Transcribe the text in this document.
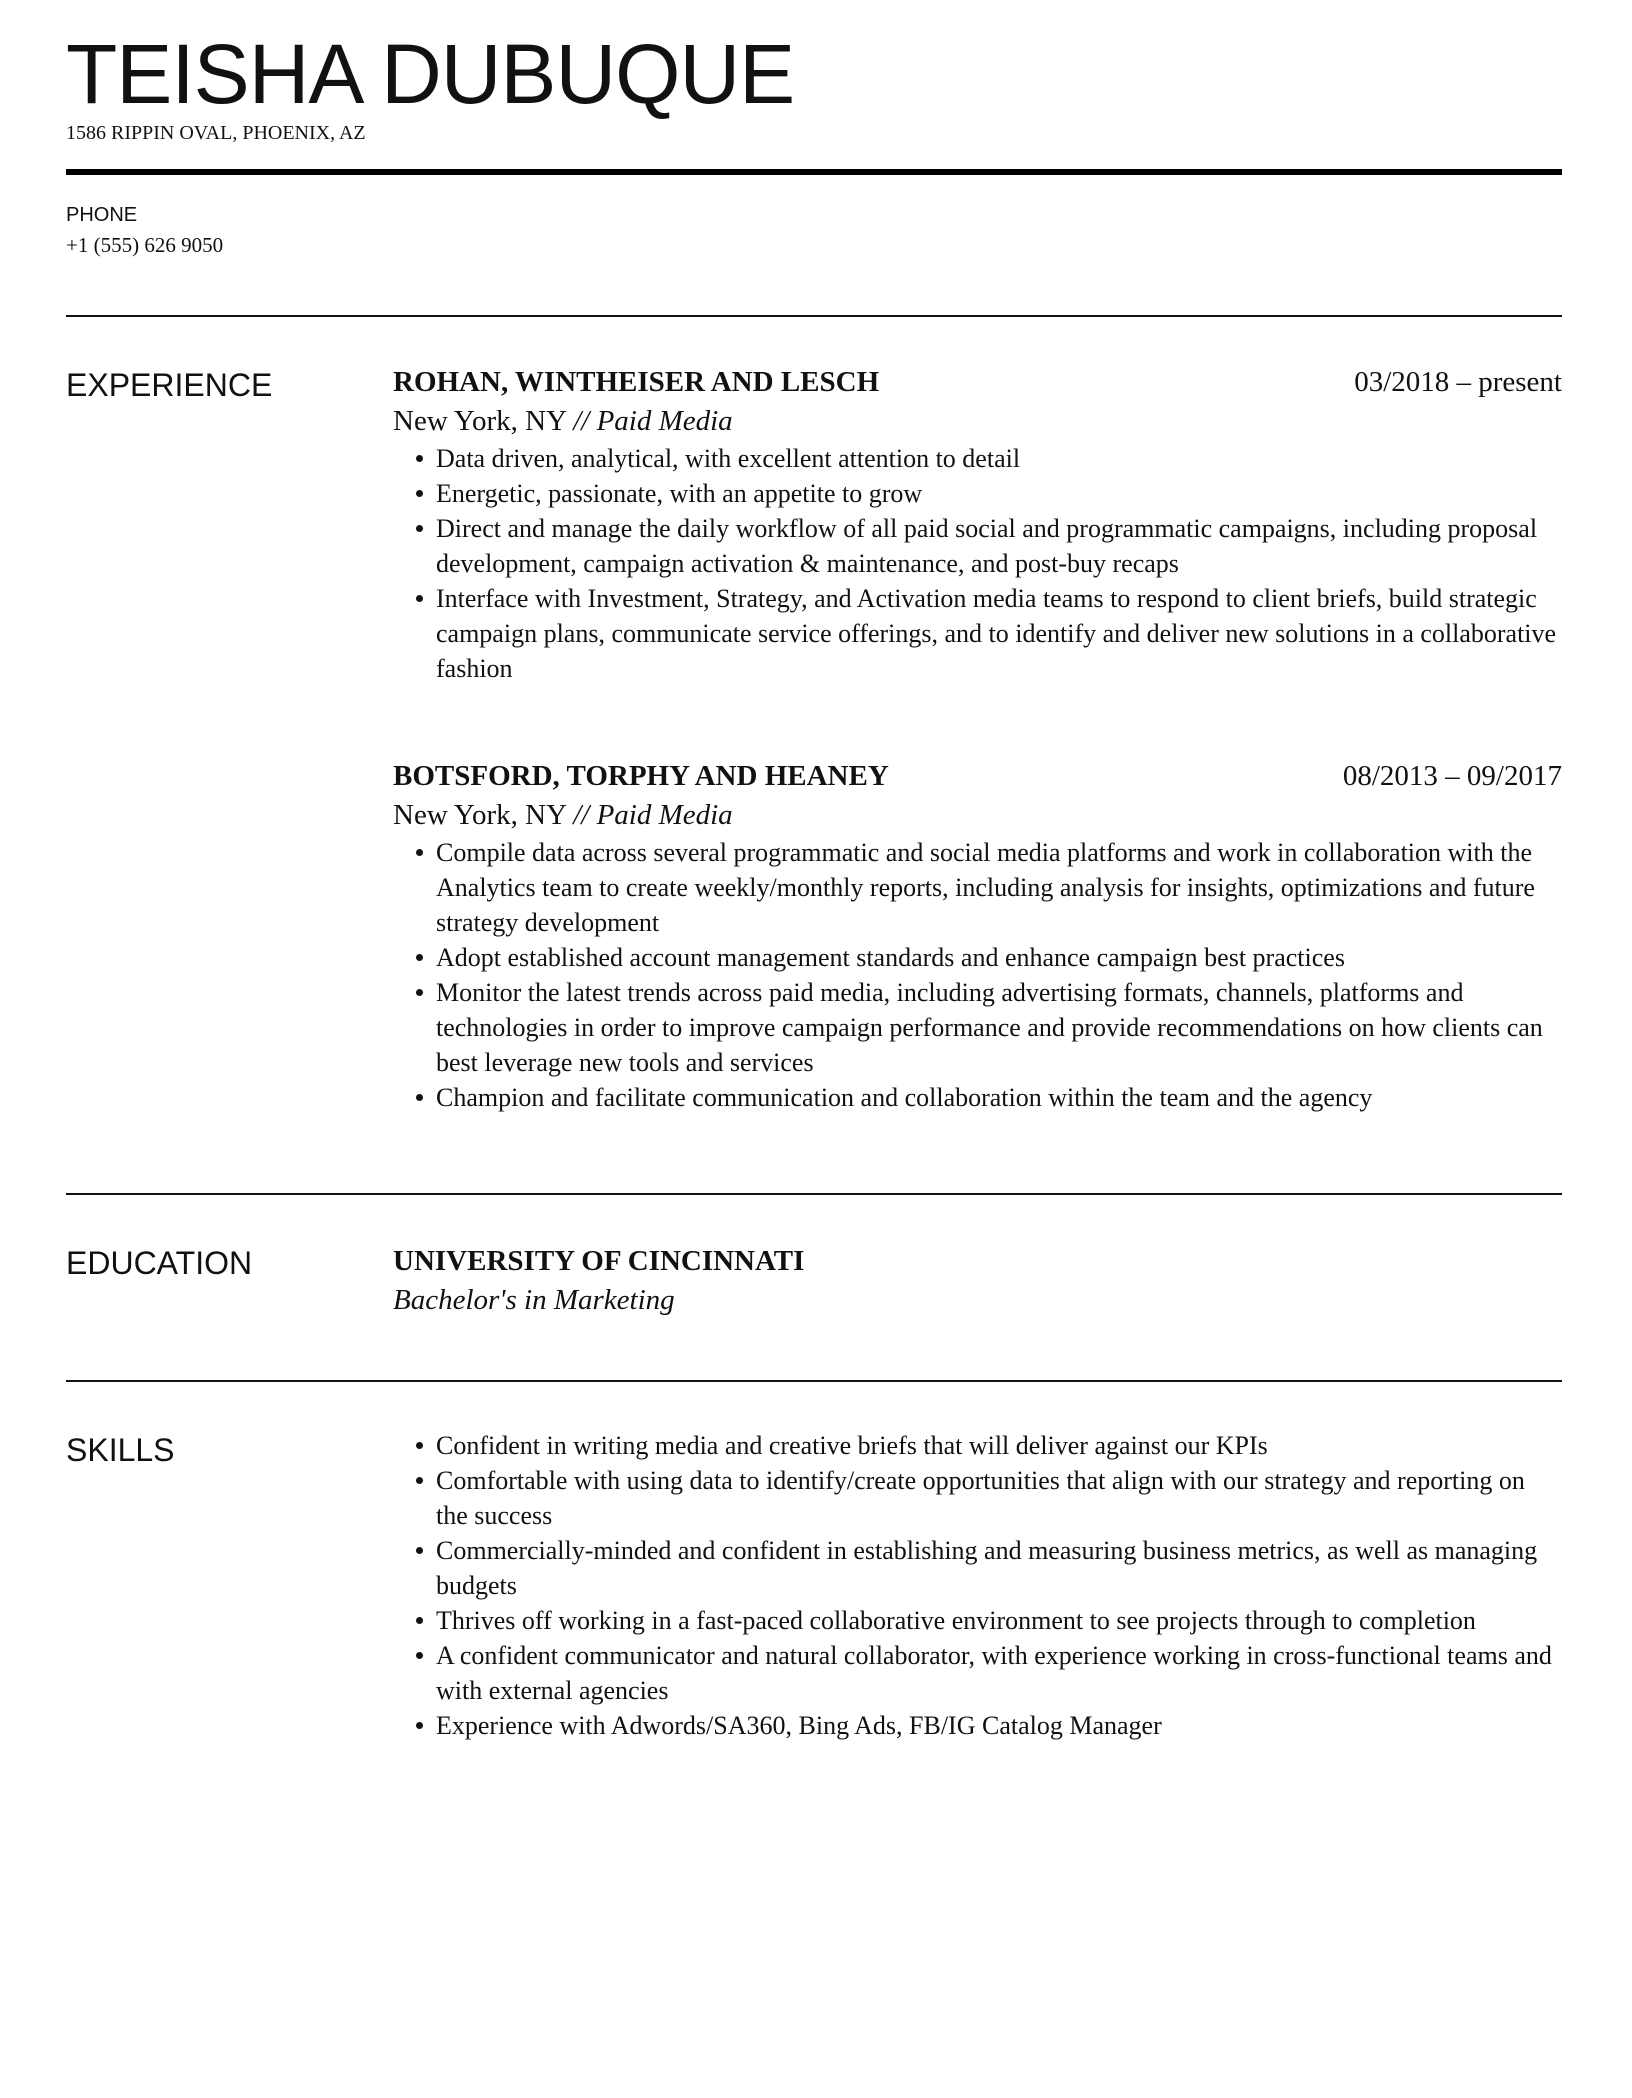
TEISHA DUBUQUE
1586 RIPPIN OVAL, PHOENIX, AZ
PHONE
+1 (555) 626 9050
EXPERIENCE	ROHAN, WINTHEISER AND LESCH	03/2018 – present
New York, NY // Paid Media
Data driven, analytical, with excellent attention to detail
Energetic, passionate, with an appetite to grow
Direct and manage the daily workflow of all paid social and programmatic campaigns, including proposal development, campaign activation & maintenance, and post-buy recaps
Interface with Investment, Strategy, and Activation media teams to respond to client briefs, build strategic campaign plans, communicate service offerings, and to identify and deliver new solutions in a collaborative fashion
BOTSFORD, TORPHY AND HEANEY	08/2013 – 09/2017
New York, NY // Paid Media
Compile data across several programmatic and social media platforms and work in collaboration with the Analytics team to create weekly/monthly reports, including analysis for insights, optimizations and future strategy development
Adopt established account management standards and enhance campaign best practices
Monitor the latest trends across paid media, including advertising formats, channels, platforms and technologies in order to improve campaign performance and provide recommendations on how clients can best leverage new tools and services
Champion and facilitate communication and collaboration within the team and the agency
EDUCATION	UNIVERSITY OF CINCINNATI
Bachelor's in Marketing
SKILLS	Confident in writing media and creative briefs that will deliver against our KPIs
Comfortable with using data to identify/create opportunities that align with our strategy and reporting on the success
Commercially-minded and confident in establishing and measuring business metrics, as well as managing budgets
Thrives off working in a fast-paced collaborative environment to see projects through to completion
A confident communicator and natural collaborator, with experience working in cross-functional teams and with external agencies
Experience with Adwords/SA360, Bing Ads, FB/IG Catalog Manager
